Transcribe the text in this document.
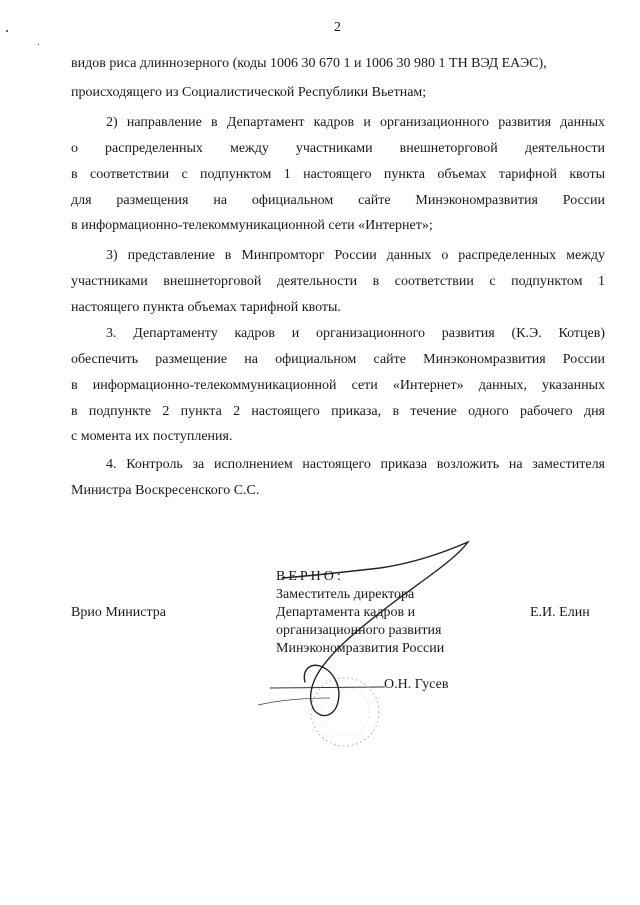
2
видов риса длиннозерного (коды 1006 30 670 1 и 1006 30 980 1 ТН ВЭД ЕАЭС),
происходящего из Социалистической Республики Вьетнам;
2) направление в Департамент кадров и организационного развития данных
о распределенных между участниками внешнеторговой деятельности
в соответствии с подпунктом 1 настоящего пункта объемах тарифной квоты
для размещения на официальном сайте Минэкономразвития России
в информационно-телекоммуникационной сети «Интернет»;
3) представление в Минпромторг России данных о распределенных между
участниками внешнеторговой деятельности в соответствии с подпунктом 1
настоящего пункта объемах тарифной квоты.
3. Департаменту кадров и организационного развития (К.Э. Котцев)
обеспечить размещение на официальном сайте Минэкономразвития России
в информационно-телекоммуникационной сети «Интернет» данных, указанных
в подпункте 2 пункта 2 настоящего приказа, в течение одного рабочего дня
с момента их поступления.
4. Контроль за исполнением настоящего приказа возложить на заместителя
Министра Воскресенского С.С.
Врио Министра	Е.И. Елин
ВЕРНО:
Заместитель директора
Департамента кадров и
организационного развития
Минэкономразвития России
О.Н. Гусев
